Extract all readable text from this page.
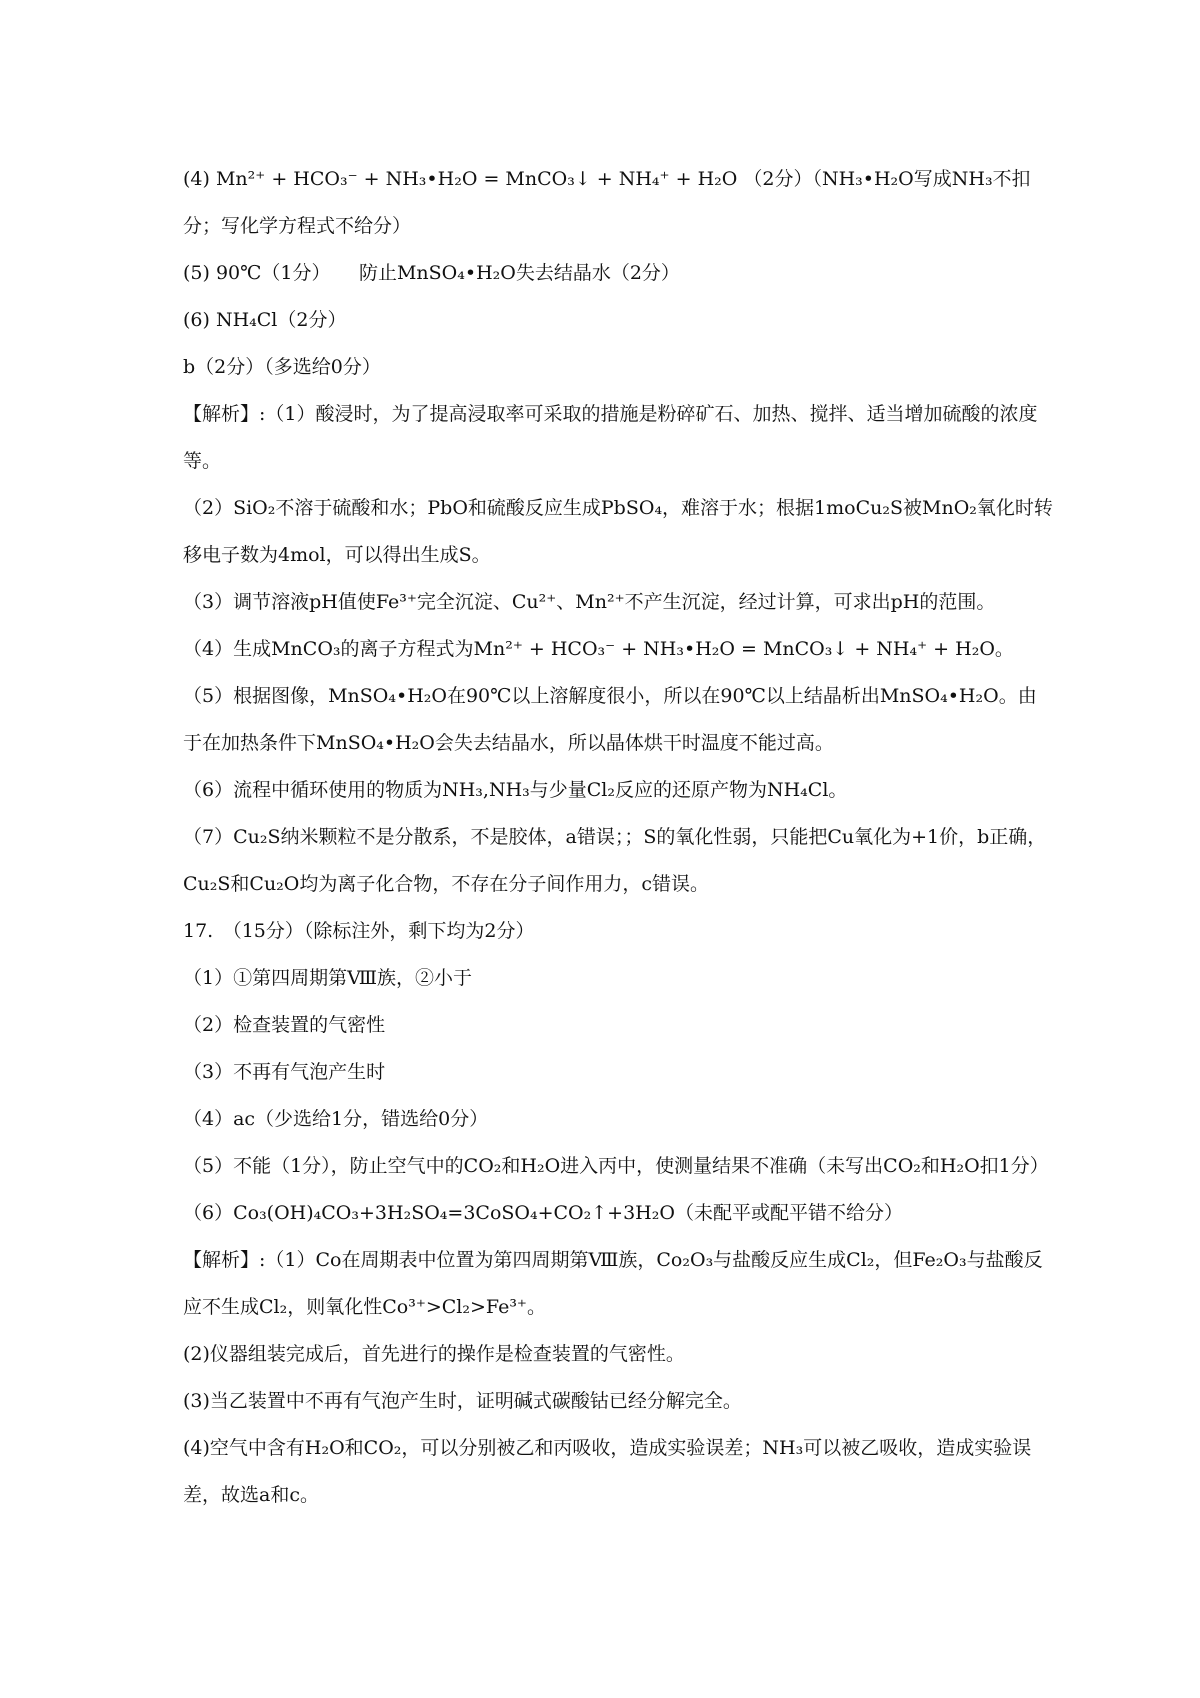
(4) Mn²⁺ + HCO₃⁻ + NH₃•H₂O = MnCO₃↓ + NH₄⁺ + H₂O （2分）（NH₃•H₂O写成NH₃不扣分；写化学方程式不给分）

(5) 90℃（1分）　　防止MnSO₄•H₂O失去结晶水（2分）

(6) NH₄Cl（2分）

b（2分）（多选给0分）

【解析】:（1）酸浸时，为了提高浸取率可采取的措施是粉碎矿石、加热、搅拌、适当增加硫酸的浓度等。

（2）SiO₂不溶于硫酸和水；PbO和硫酸反应生成PbSO₄，难溶于水；根据1moCu₂S被MnO₂氧化时转移电子数为4mol，可以得出生成S。

（3）调节溶液pH值使Fe³⁺完全沉淀、Cu²⁺、Mn²⁺不产生沉淀，经过计算，可求出pH的范围。

（4）生成MnCO₃的离子方程式为Mn²⁺ + HCO₃⁻ + NH₃•H₂O = MnCO₃↓ + NH₄⁺ + H₂O。

（5）根据图像，MnSO₄•H₂O在90℃以上溶解度很小，所以在90℃以上结晶析出MnSO₄•H₂O。由于在加热条件下MnSO₄•H₂O会失去结晶水，所以晶体烘干时温度不能过高。

（6）流程中循环使用的物质为NH₃,NH₃与少量Cl₂反应的还原产物为NH₄Cl。

（7）Cu₂S纳米颗粒不是分散系，不是胶体，a错误；；S的氧化性弱，只能把Cu氧化为+1价，b正确，Cu₂S和Cu₂O均为离子化合物，不存在分子间作用力，c错误。

17.　（15分）（除标注外，剩下均为2分）

（1）①第四周期第Ⅷ族，②小于

（2）检查装置的气密性

（3）不再有气泡产生时

（4）ac（少选给1分，错选给0分）

（5）不能（1分），防止空气中的CO₂和H₂O进入丙中，使测量结果不准确（未写出CO₂和H₂O扣1分）

（6）Co₃(OH)₄CO₃+3H₂SO₄=3CoSO₄+CO₂↑+3H₂O（未配平或配平错不给分）

【解析】:（1）Co在周期表中位置为第四周期第Ⅷ族，Co₂O₃与盐酸反应生成Cl₂，但Fe₂O₃与盐酸反应不生成Cl₂，则氧化性Co³⁺>Cl₂>Fe³⁺。

(2)仪器组装完成后，首先进行的操作是检查装置的气密性。

(3)当乙装置中不再有气泡产生时，证明碱式碳酸钴已经分解完全。

(4)空气中含有H₂O和CO₂，可以分别被乙和丙吸收，造成实验误差；NH₃可以被乙吸收，造成实验误差，故选a和c。
